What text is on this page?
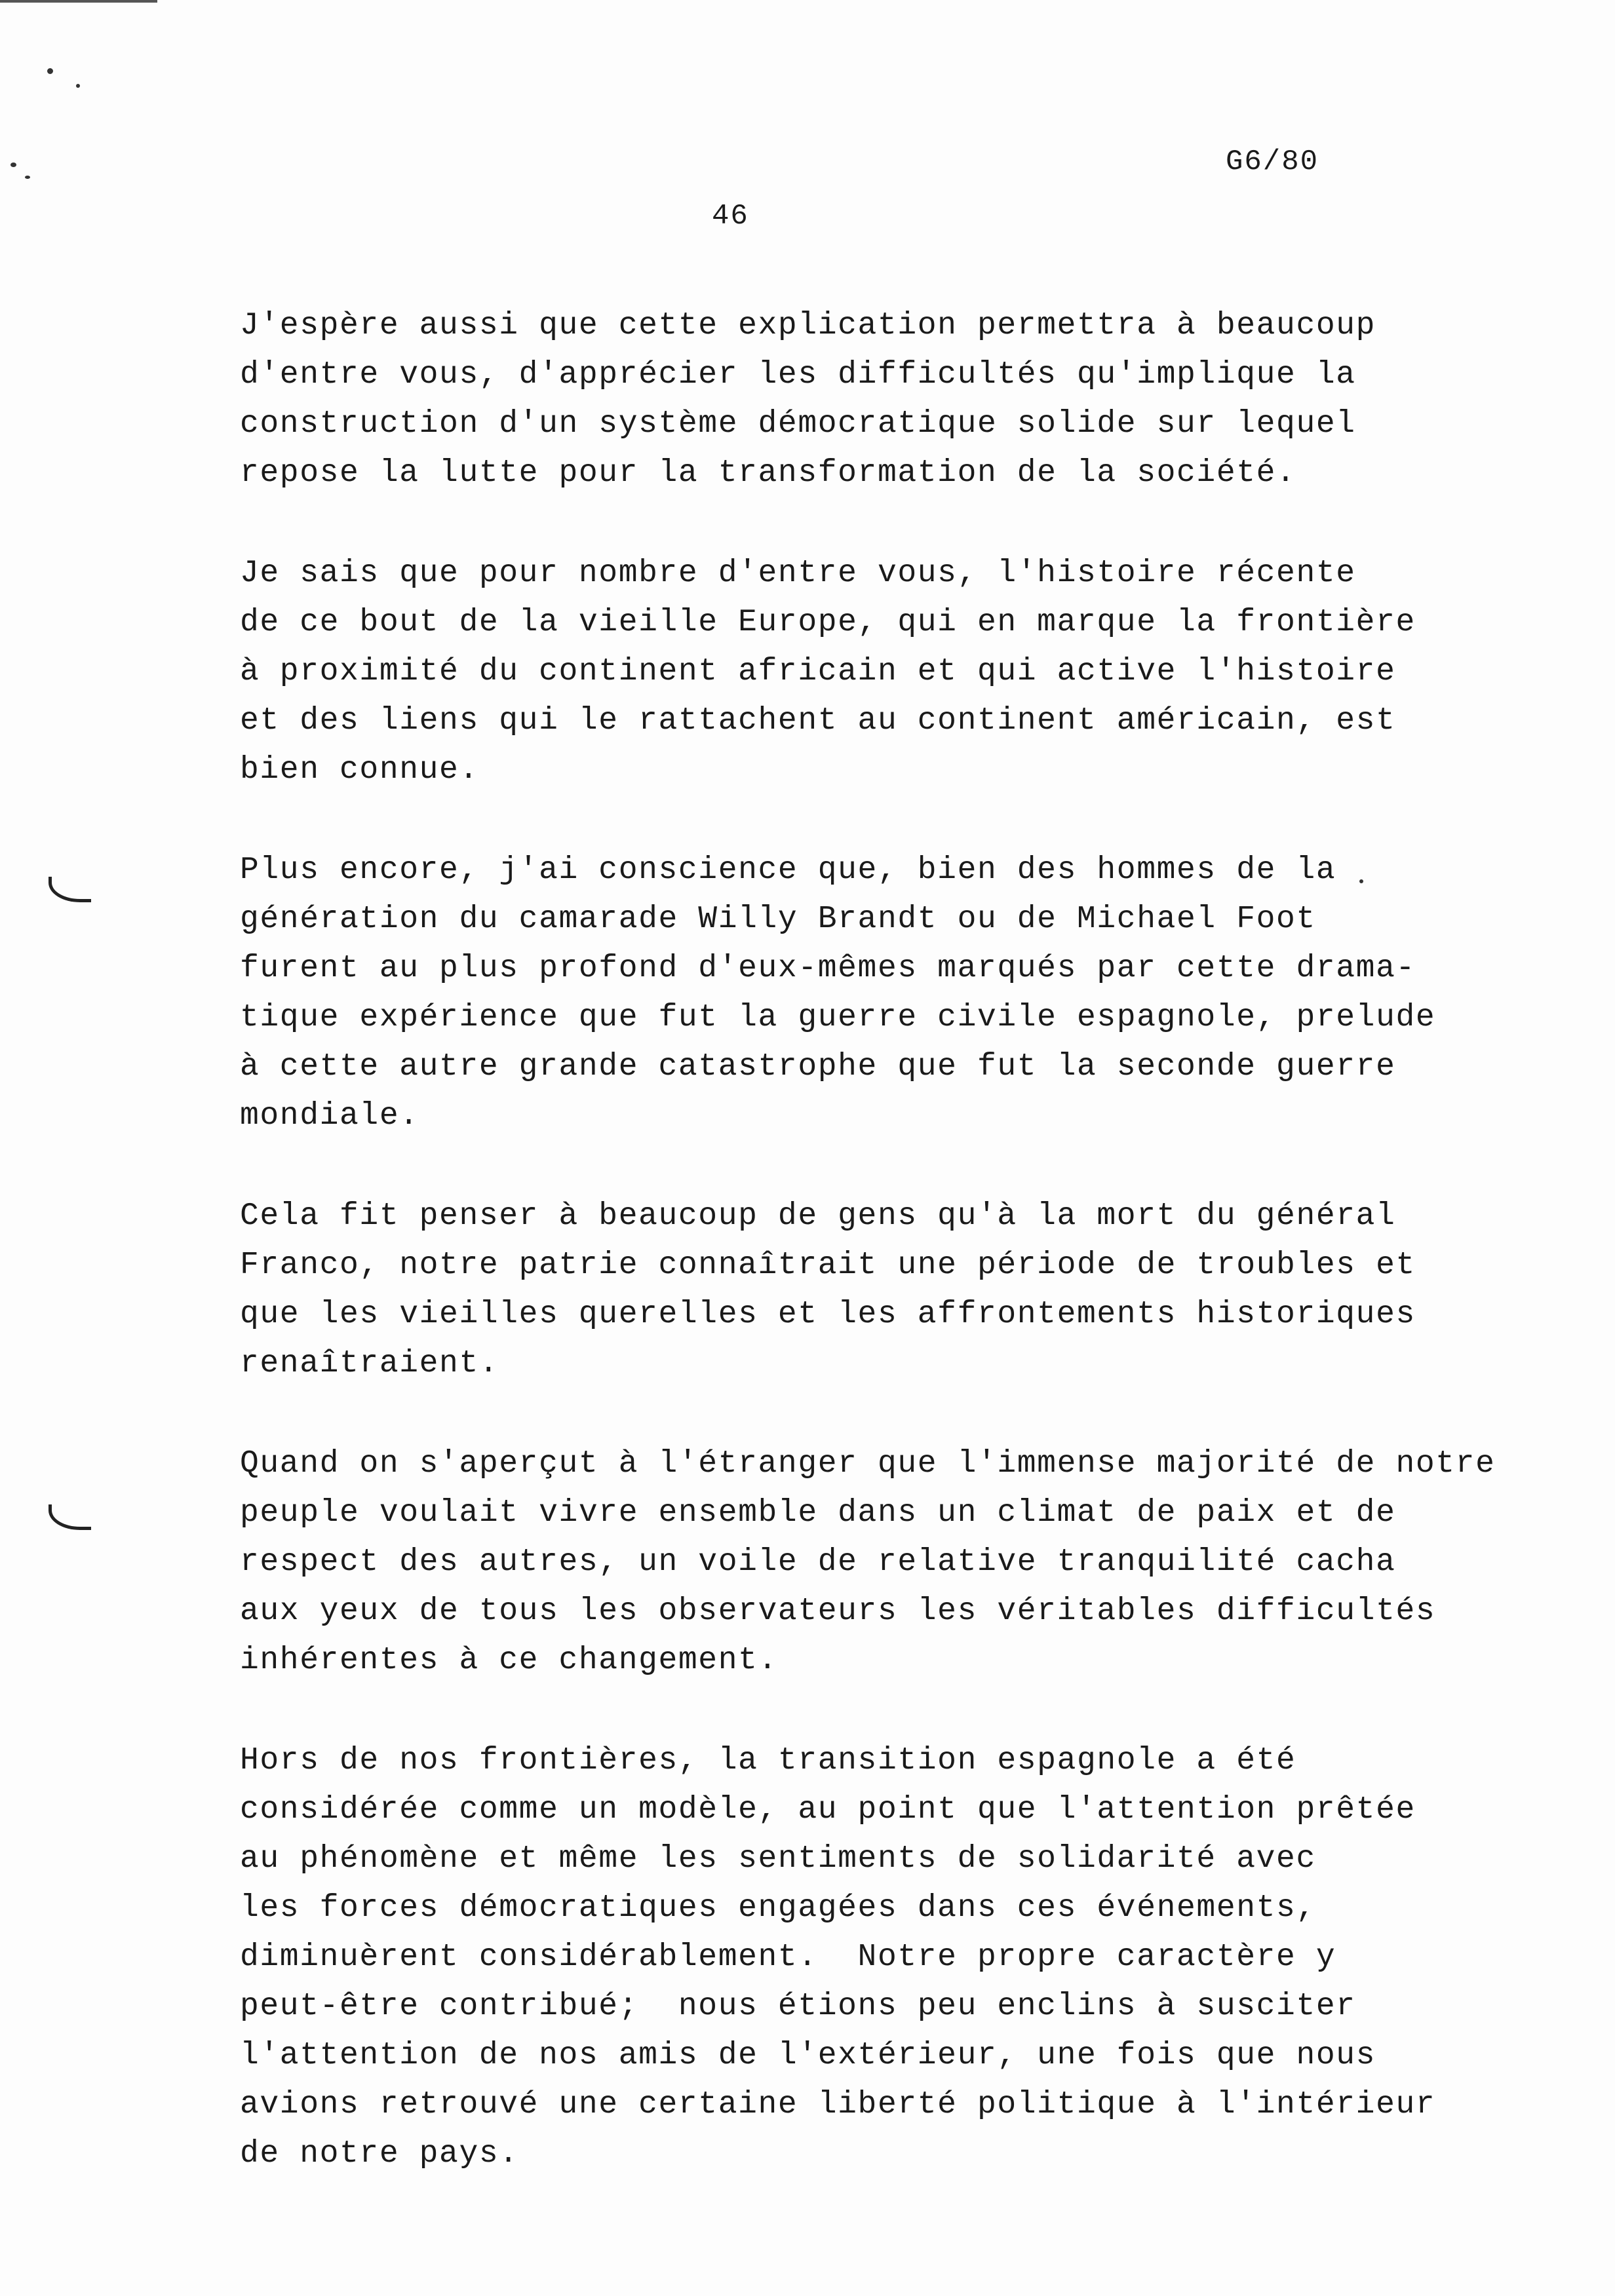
G6/80
46

J'espère aussi que cette explication permettra à beaucoup
d'entre vous, d'apprécier les difficultés qu'implique la
construction d'un système démocratique solide sur lequel
repose la lutte pour la transformation de la société.

Je sais que pour nombre d'entre vous, l'histoire récente
de ce bout de la vieille Europe, qui en marque la frontière
à proximité du continent africain et qui active l'histoire
et des liens qui le rattachent au continent américain, est
bien connue.

Plus encore, j'ai conscience que, bien des hommes de la
génération du camarade Willy Brandt ou de Michael Foot
furent au plus profond d'eux-mêmes marqués par cette drama-
tique expérience que fut la guerre civile espagnole, prelude
à cette autre grande catastrophe que fut la seconde guerre
mondiale.

Cela fit penser à beaucoup de gens qu'à la mort du général
Franco, notre patrie connaîtrait une période de troubles et
que les vieilles querelles et les affrontements historiques
renaîtraient.

Quand on s'aperçut à l'étranger que l'immense majorité de notre
peuple voulait vivre ensemble dans un climat de paix et de
respect des autres, un voile de relative tranquilité cacha
aux yeux de tous les observateurs les véritables difficultés
inhérentes à ce changement.

Hors de nos frontières, la transition espagnole a été
considérée comme un modèle, au point que l'attention prêtée
au phénomène et même les sentiments de solidarité avec
les forces démocratiques engagées dans ces événements,
diminuèrent considérablement.  Notre propre caractère y
peut-être contribué;  nous étions peu enclins à susciter
l'attention de nos amis de l'extérieur, une fois que nous
avions retrouvé une certaine liberté politique à l'intérieur
de notre pays.
